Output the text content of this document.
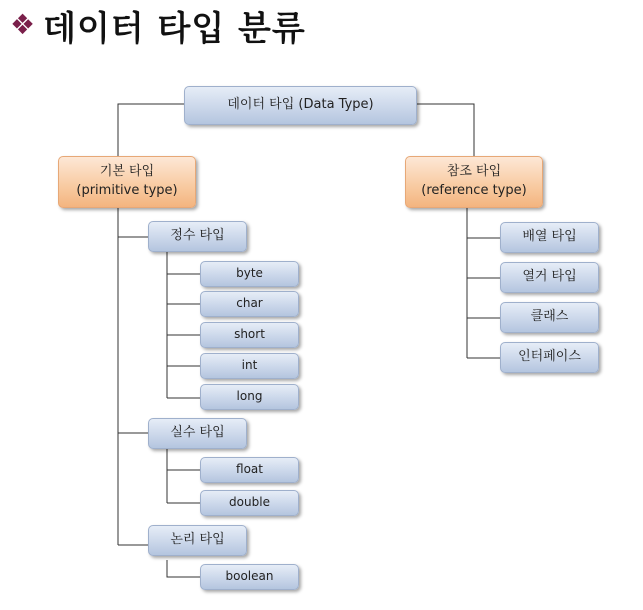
❖ 데이터 타입 분류
데이터 타입 (Data Type)
기본 타입
(primitive type)
참조 타입
(reference type)
정수 타입
byte
char
short
int
long
실수 타입
float
double
논리 타입
boolean
배열 타입
열거 타입
클래스
인터페이스
